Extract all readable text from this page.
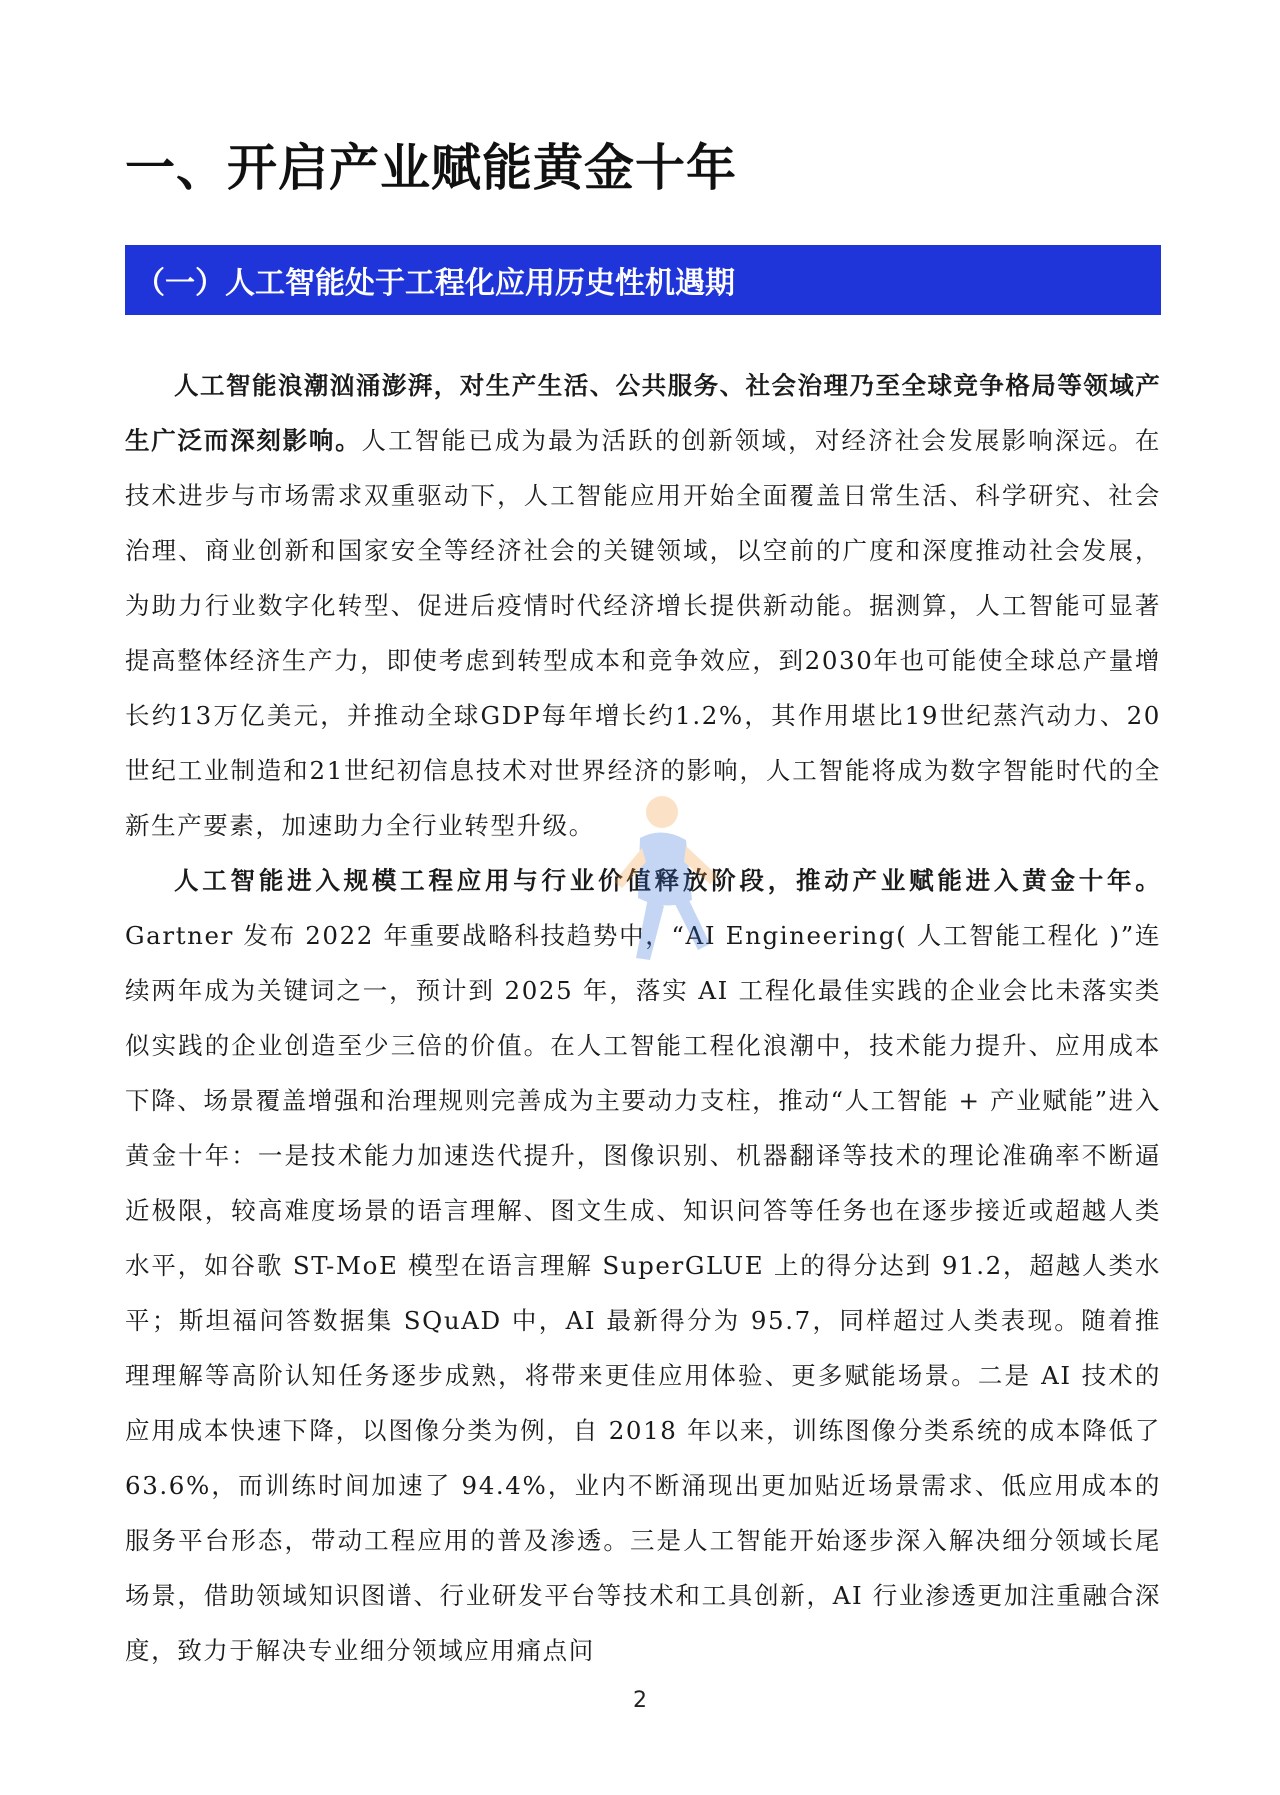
一、开启产业赋能黄金十年
（一）人工智能处于工程化应用历史性机遇期

人工智能浪潮汹涌澎湃，对生产生活、公共服务、社会治理乃至全球竞争格局等领域产生广泛而深刻影响。人工智能已成为最为活跃的创新领域，对经济社会发展影响深远。在技术进步与市场需求双重驱动下，人工智能应用开始全面覆盖日常生活、科学研究、社会治理、商业创新和国家安全等经济社会的关键领域，以空前的广度和深度推动社会发展，为助力行业数字化转型、促进后疫情时代经济增长提供新动能。据测算，人工智能可显著提高整体经济生产力，即使考虑到转型成本和竞争效应，到2030年也可能使全球总产量增长约13万亿美元，并推动全球GDP每年增长约1.2%，其作用堪比19世纪蒸汽动力、20世纪工业制造和21世纪初信息技术对世界经济的影响，人工智能将成为数字智能时代的全新生产要素，加速助力全行业转型升级。

人工智能进入规模工程应用与行业价值释放阶段，推动产业赋能进入黄金十年。Gartner 发布 2022 年重要战略科技趋势中，“AI Engineering( 人工智能工程化 )”连续两年成为关键词之一，预计到 2025 年，落实 AI 工程化最佳实践的企业会比未落实类似实践的企业创造至少三倍的价值。在人工智能工程化浪潮中，技术能力提升、应用成本下降、场景覆盖增强和治理规则完善成为主要动力支柱，推动“人工智能 + 产业赋能”进入黄金十年：一是技术能力加速迭代提升，图像识别、机器翻译等技术的理论准确率不断逼近极限，较高难度场景的语言理解、图文生成、知识问答等任务也在逐步接近或超越人类水平，如谷歌 ST-MoE 模型在语言理解 SuperGLUE 上的得分达到 91.2，超越人类水平；斯坦福问答数据集 SQuAD 中，AI 最新得分为 95.7，同样超过人类表现。随着推理理解等高阶认知任务逐步成熟，将带来更佳应用体验、更多赋能场景。二是 AI 技术的应用成本快速下降，以图像分类为例，自 2018 年以来，训练图像分类系统的成本降低了 63.6%，而训练时间加速了 94.4%，业内不断涌现出更加贴近场景需求、低应用成本的服务平台形态，带动工程应用的普及渗透。三是人工智能开始逐步深入解决细分领域长尾场景，借助领域知识图谱、行业研发平台等技术和工具创新，AI 行业渗透更加注重融合深度，致力于解决专业细分领域应用痛点问

2
